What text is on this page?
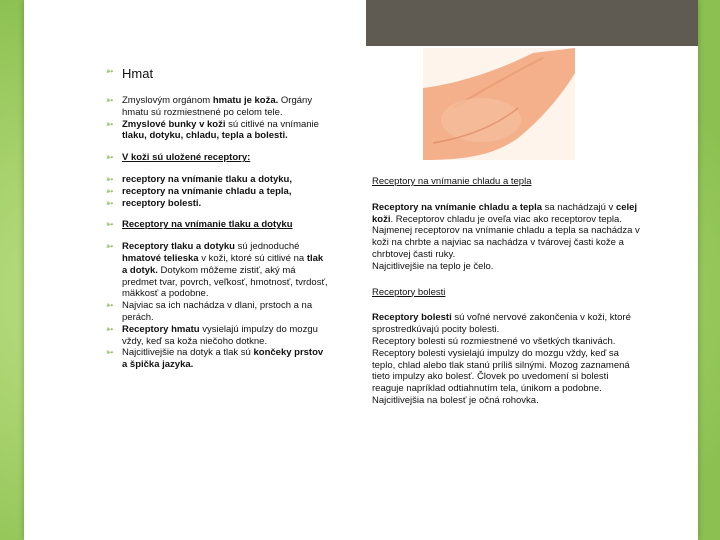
➳ Hmat
➳ Zmyslovým orgánom hmatu je koža. Orgány hmatu sú rozmiestnené po celom tele.
➳ Zmyslové bunky v koži sú citlivé na vnímanie tlaku, dotyku, chladu, tepla a bolesti.
➳ V koži sú uložené receptory:
➳ receptory na vnímanie tlaku a dotyku,
➳ receptory na vnímanie chladu a tepla,
➳ receptory bolesti.
➳ Receptory na vnímanie tlaku a dotyku
➳ Receptory tlaku a dotyku sú jednoduché hmatové telieska v koži, ktoré sú citlivé na tlak a dotyk. Dotykom môžeme zistiť, aký má predmet tvar, povrch, veľkosť, hmotnosť, tvrdosť, mäkkosť a podobne.
➳ Najviac sa ich nachádza v dlani, prstoch a na perách.
➳ Receptory hmatu vysielajú impulzy do mozgu vždy, keď sa koža niečoho dotkne.
➳ Najcitlivejšie na dotyk a tlak sú končeky prstov a špička jazyka.
Receptory na vnímanie chladu a tepla
Receptory na vnímanie chladu a tepla sa nachádzajú v celej koži. Receptorov chladu je oveľa viac ako receptorov tepla.
Najmenej receptorov na vnímanie chladu a tepla sa nachádza v koži na chrbte a najviac sa nachádza v tvárovej časti kože a chrbtovej časti ruky.
Najcitlivejšie na teplo je čelo.
Receptory bolesti
Receptory bolesti sú voľné nervové zakončenia v koži, ktoré sprostredkúvajú pocity bolesti.
Receptory bolesti sú rozmiestnené vo všetkých tkanivách.
Receptory bolesti vysielajú impulzy do mozgu vždy, keď sa teplo, chlad alebo tlak stanú príliš silnými. Mozog zaznamená tieto impulzy ako bolesť. Človek po uvedomení si bolesti reaguje napríklad odtiahnutím tela, únikom a podobne.
Najcitlivejšia na bolesť je očná rohovka.
